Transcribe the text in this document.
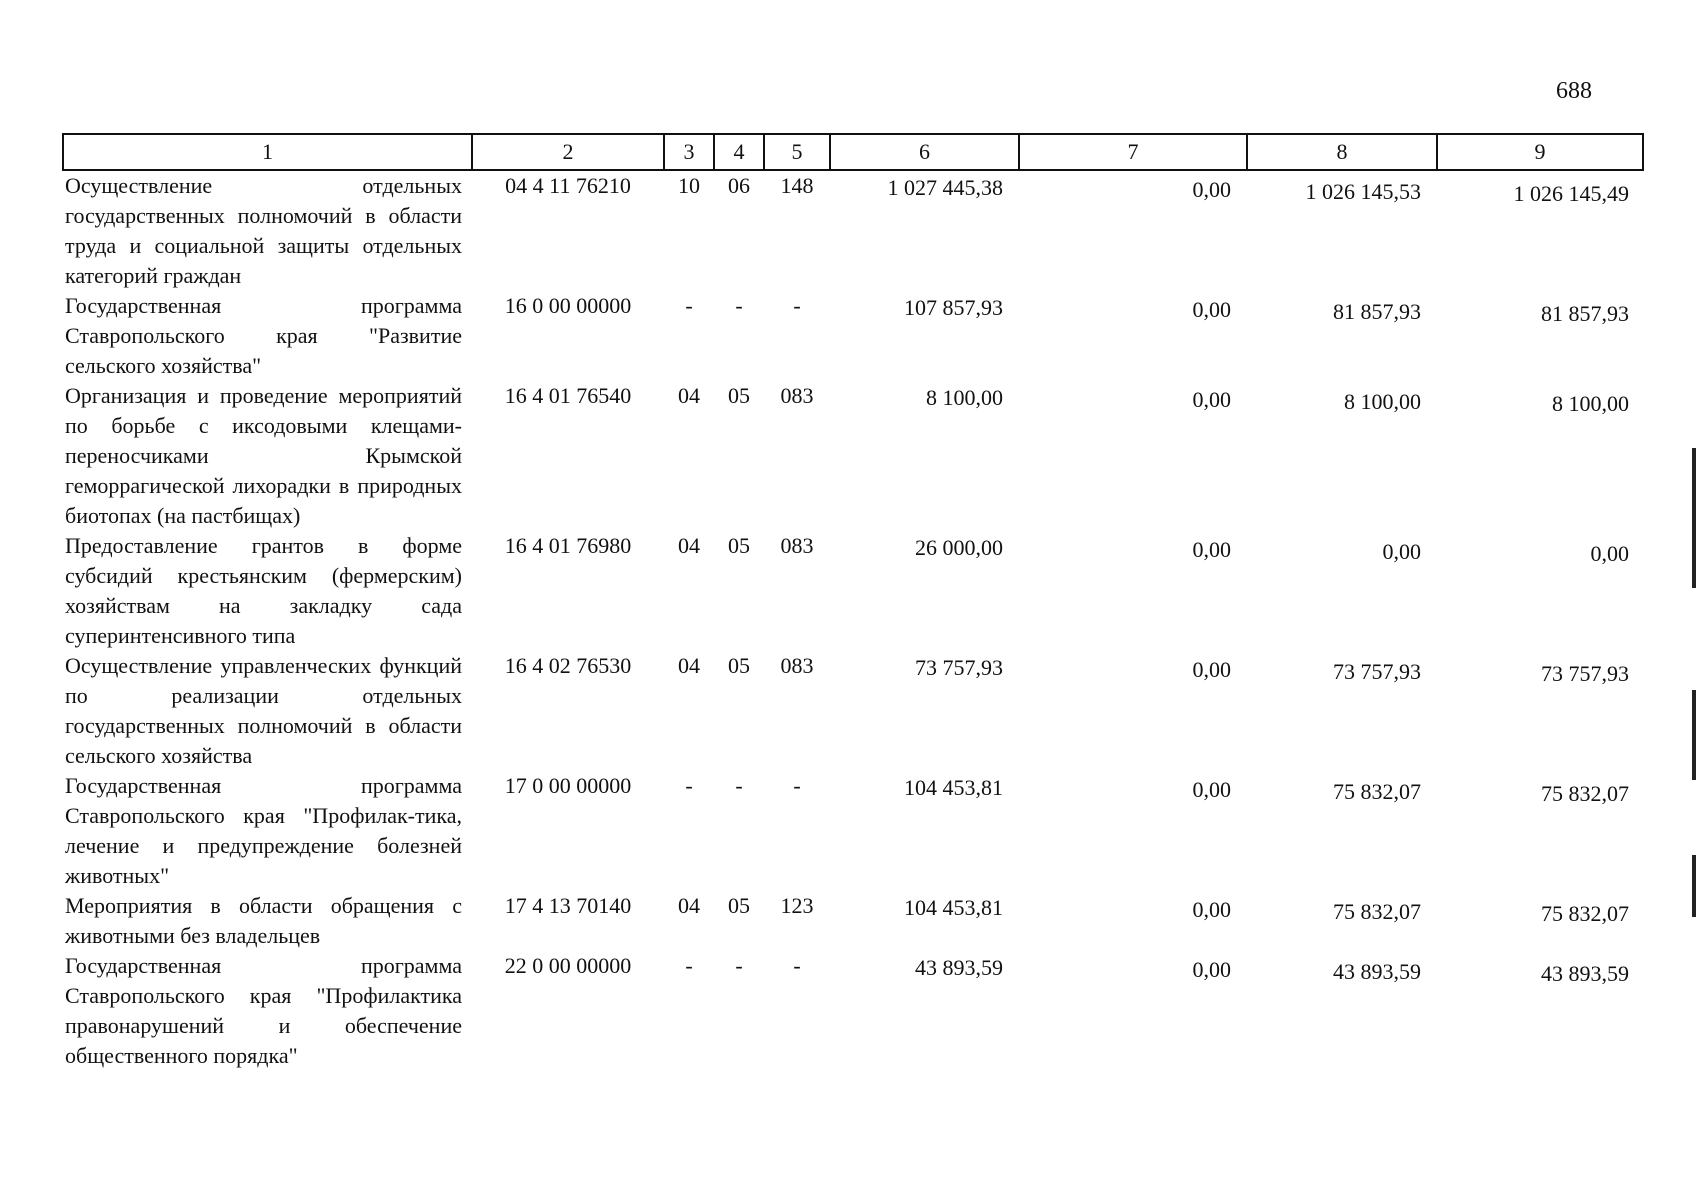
688
1	2	3	4	5	6	7	8	9
Осуществление отдельных государственных полномочий в области труда и социальной защиты отдельных категорий граждан	04 4 11 76210	10	06	148	1 027 445,38	0,00	1 026 145,53	1 026 145,49
Государственная программа Ставропольского края "Развитие сельского хозяйства"	16 0 00 00000	-	-	-	107 857,93	0,00	81 857,93	81 857,93
Организация и проведение мероприятий по борьбе с иксодовыми клещами-переносчиками Крымской геморрагической лихорадки в природных биотопах (на пастбищах)	16 4 01 76540	04	05	083	8 100,00	0,00	8 100,00	8 100,00
Предоставление грантов в форме субсидий крестьянским (фермерским) хозяйствам на закладку сада суперинтенсивного типа	16 4 01 76980	04	05	083	26 000,00	0,00	0,00	0,00
Осуществление управленческих функций по реализации отдельных государственных полномочий в области сельского хозяйства	16 4 02 76530	04	05	083	73 757,93	0,00	73 757,93	73 757,93
Государственная программа Ставропольского края "Профилак-тика, лечение и предупреждение болезней животных"	17 0 00 00000	-	-	-	104 453,81	0,00	75 832,07	75 832,07
Мероприятия в области обращения с животными без владельцев	17 4 13 70140	04	05	123	104 453,81	0,00	75 832,07	75 832,07
Государственная программа Ставропольского края "Профилактика правонарушений и обеспечение общественного порядка"	22 0 00 00000	-	-	-	43 893,59	0,00	43 893,59	43 893,59
